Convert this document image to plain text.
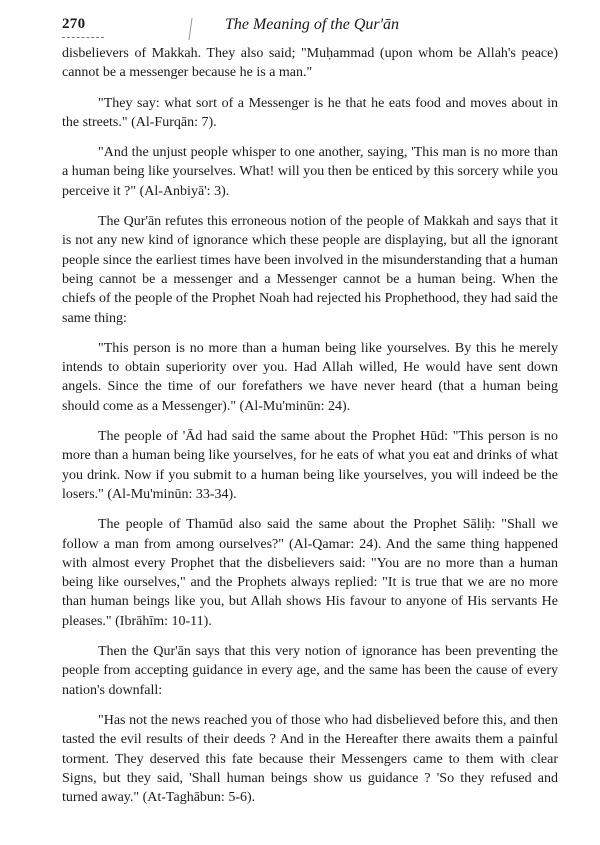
270	The Meaning of the Qur'ān

disbelievers of Makkah. They also said; "Muḥammad (upon whom be Allah's peace) cannot be a messenger because he is a man."

"They say: what sort of a Messenger is he that he eats food and moves about in the streets." (Al-Furqān: 7).

"And the unjust people whisper to one another, saying, 'This man is no more than a human being like yourselves. What! will you then be enticed by this sorcery while you perceive it ?" (Al-Anbiyā': 3).

The Qur'ān refutes this erroneous notion of the people of Makkah and says that it is not any new kind of ignorance which these people are displaying, but all the ignorant people since the earliest times have been involved in the misunderstanding that a human being cannot be a messenger and a Messenger cannot be a human being. When the chiefs of the people of the Prophet Noah had rejected his Prophethood, they had said the same thing:

"This person is no more than a human being like yourselves. By this he merely intends to obtain superiority over you. Had Allah willed, He would have sent down angels. Since the time of our forefathers we have never heard (that a human being should come as a Messenger)." (Al-Mu'minūn: 24).

The people of 'Ād had said the same about the Prophet Hūd: "This person is no more than a human being like yourselves, for he eats of what you eat and drinks of what you drink. Now if you submit to a human being like yourselves, you will indeed be the losers." (Al-Mu'minūn: 33-34).

The people of Thamūd also said the same about the Prophet Sāliḥ: "Shall we follow a man from among ourselves?" (Al-Qamar: 24). And the same thing happened with almost every Prophet that the disbelievers said: "You are no more than a human being like ourselves," and the Prophets always replied: "It is true that we are no more than human beings like you, but Allah shows His favour to anyone of His servants He pleases." (Ibrāhīm: 10-11).

Then the Qur'ān says that this very notion of ignorance has been preventing the people from accepting guidance in every age, and the same has been the cause of every nation's downfall:

"Has not the news reached you of those who had disbelieved before this, and then tasted the evil results of their deeds ? And in the Hereafter there awaits them a painful torment. They deserved this fate because their Messengers came to them with clear Signs, but they said, 'Shall human beings show us guidance ? 'So they refused and turned away." (At-Taghābun: 5-6).
